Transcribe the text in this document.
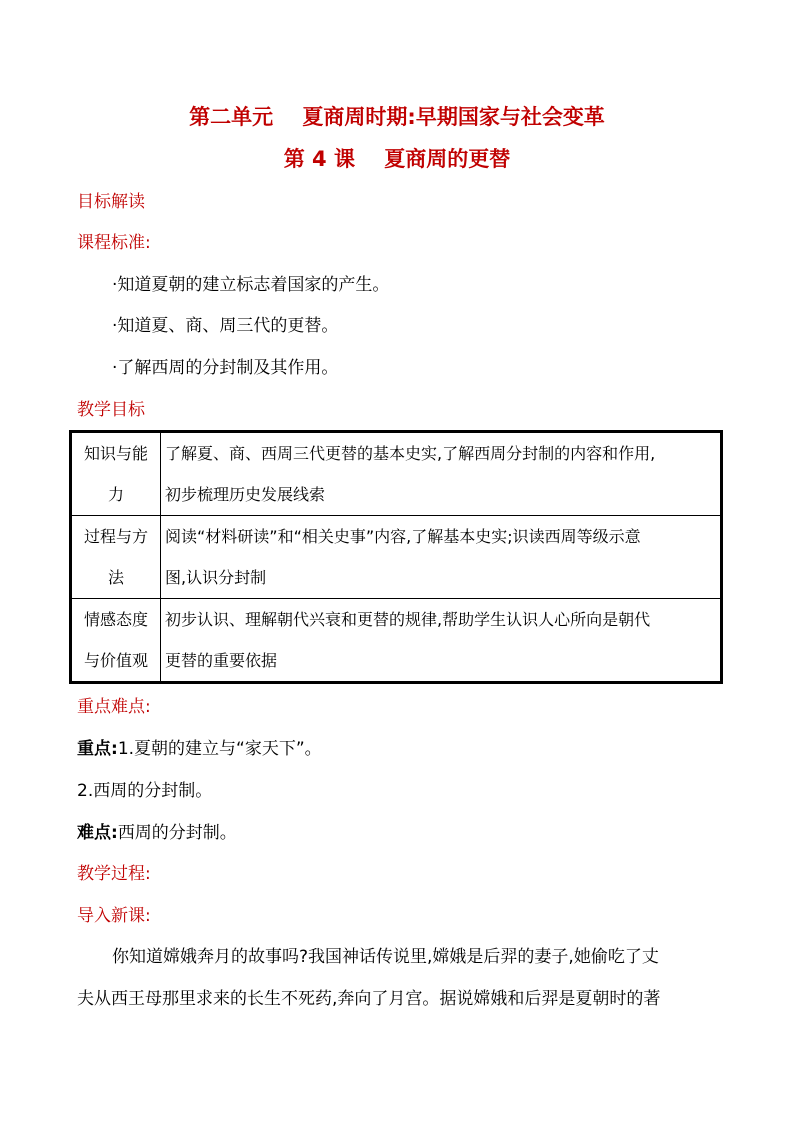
第二单元    夏商周时期:早期国家与社会变革
第 4 课    夏商周的更替
目标解读
课程标准:
·知道夏朝的建立标志着国家的产生。
·知道夏、商、周三代的更替。
·了解西周的分封制及其作用。
教学目标
知识与能
力	了解夏、商、西周三代更替的基本史实,了解西周分封制的内容和作用,
初步梳理历史发展线索

过程与方
法	阅读“材料研读”和“相关史事”内容,了解基本史实;识读西周等级示意
图,认识分封制

情感态度
与价值观	初步认识、理解朝代兴衰和更替的规律,帮助学生认识人心所向是朝代
更替的重要依据
重点难点:
重点:1.夏朝的建立与“家天下”。
2.西周的分封制。
难点:西周的分封制。
教学过程:
导入新课:
你知道嫦娥奔月的故事吗?我国神话传说里,嫦娥是后羿的妻子,她偷吃了丈
夫从西王母那里求来的长生不死药,奔向了月宫。据说嫦娥和后羿是夏朝时的著
